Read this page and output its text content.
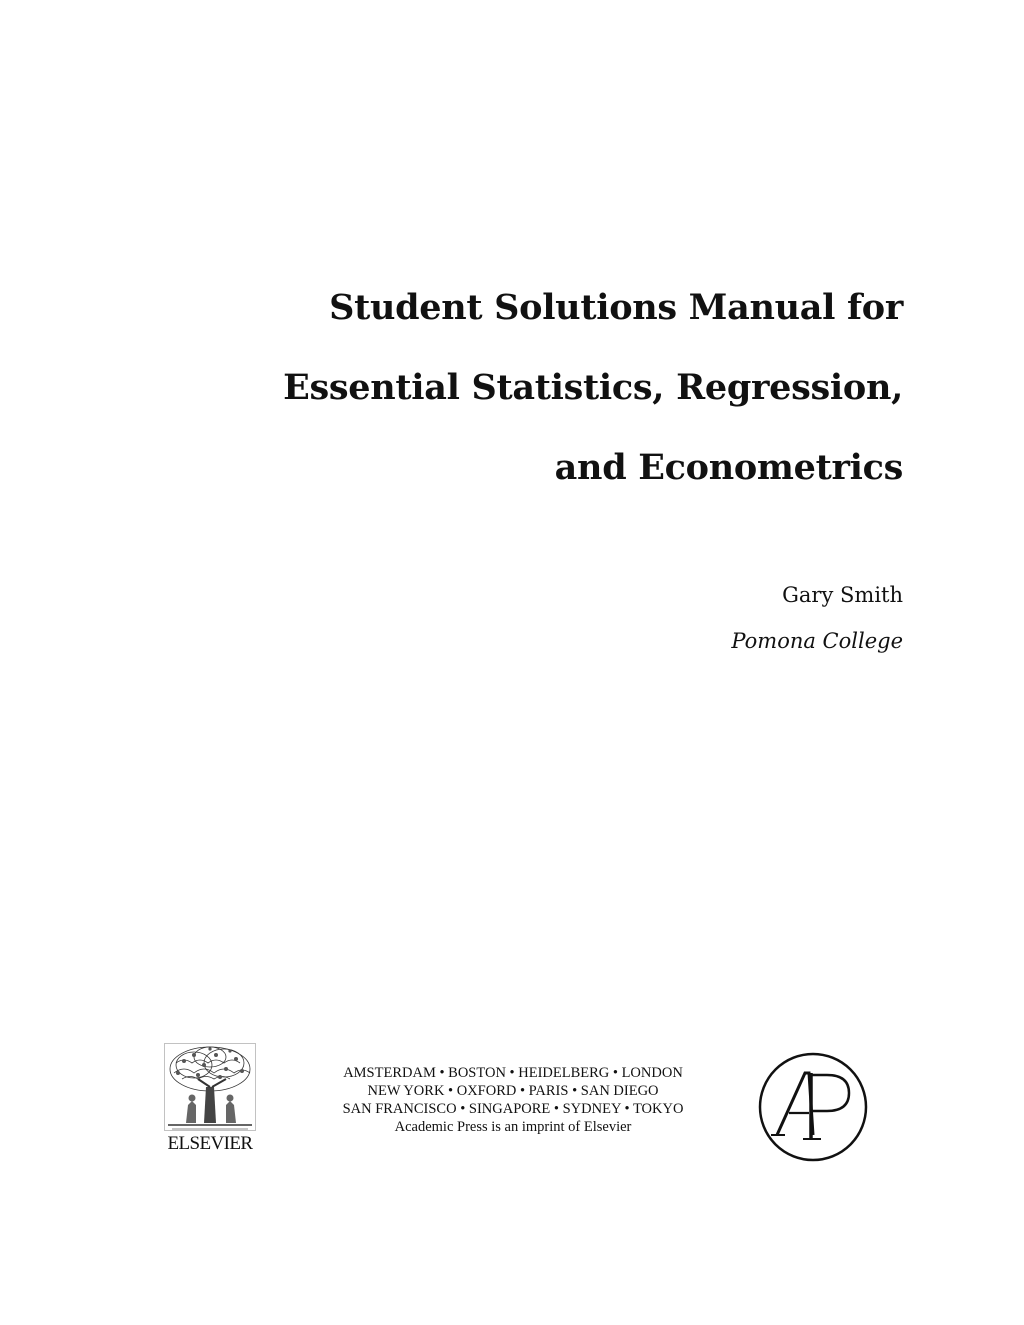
Student Solutions Manual for
Essential Statistics, Regression,
and Econometrics
Gary Smith
Pomona College
ELSEVIER
AMSTERDAM • BOSTON • HEIDELBERG • LONDON
NEW YORK • OXFORD • PARIS • SAN DIEGO
SAN FRANCISCO • SINGAPORE • SYDNEY • TOKYO
Academic Press is an imprint of Elsevier
